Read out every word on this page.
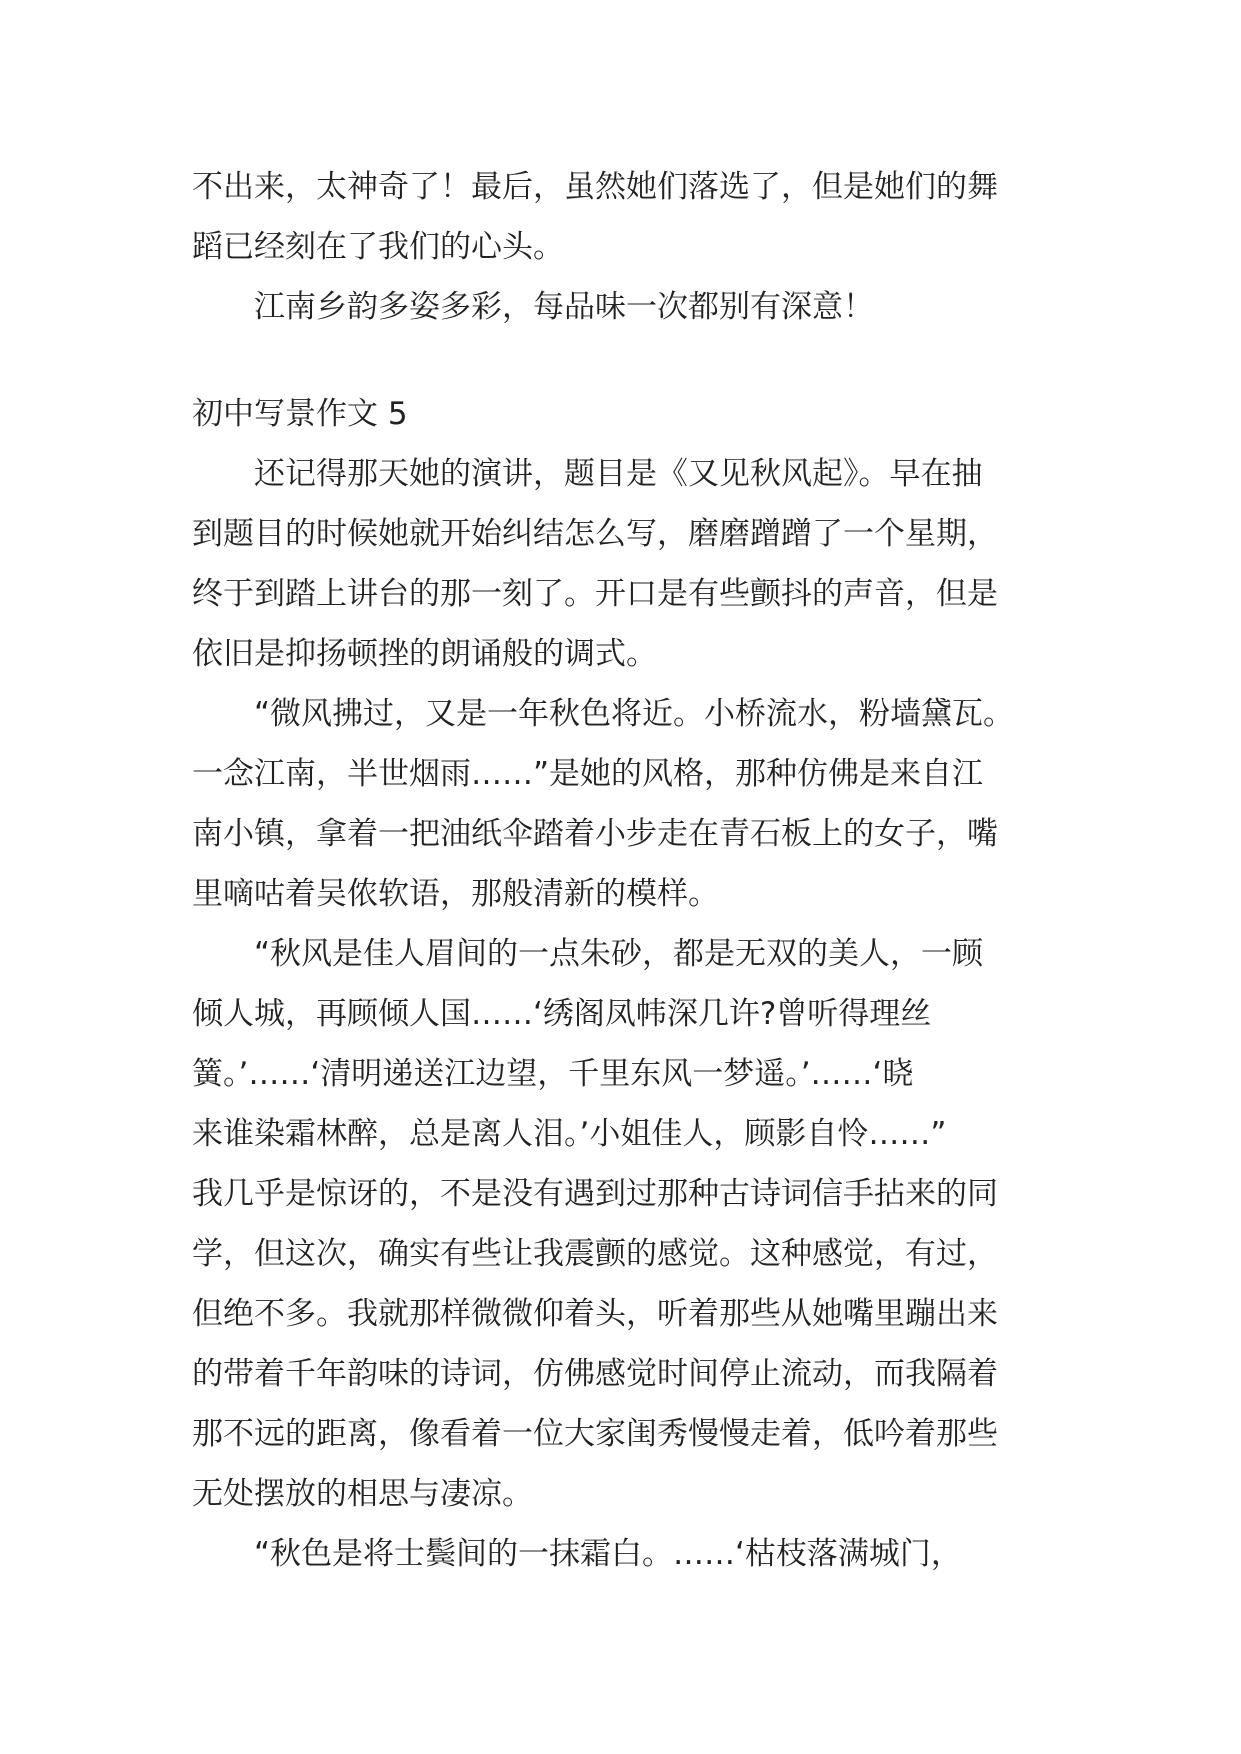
不出来，太神奇了！最后，虽然她们落选了，但是她们的舞
蹈已经刻在了我们的心头。
　　江南乡韵多姿多彩，每品味一次都别有深意！
初中写景作文 5
　　还记得那天她的演讲，题目是《又见秋风起》。早在抽
到题目的时候她就开始纠结怎么写，磨磨蹭蹭了一个星期，
终于到踏上讲台的那一刻了。开口是有些颤抖的声音，但是
依旧是抑扬顿挫的朗诵般的调式。
　　“微风拂过，又是一年秋色将近。小桥流水，粉墙黛瓦。
一念江南，半世烟雨……”是她的风格，那种仿佛是来自江
南小镇，拿着一把油纸伞踏着小步走在青石板上的女子，嘴
里嘀咕着吴侬软语，那般清新的模样。
　　“秋风是佳人眉间的一点朱砂，都是无双的美人，一顾
倾人城，再顾倾人国……‘绣阁凤帏深几许?曾听得理丝
簧。’……‘清明递送江边望，千里东风一梦遥。’……‘晓
来谁染霜林醉，总是离人泪。’小姐佳人，顾影自怜……”
我几乎是惊讶的，不是没有遇到过那种古诗词信手拈来的同
学，但这次，确实有些让我震颤的感觉。这种感觉，有过，
但绝不多。我就那样微微仰着头，听着那些从她嘴里蹦出来
的带着千年韵味的诗词，仿佛感觉时间停止流动，而我隔着
那不远的距离，像看着一位大家闺秀慢慢走着，低吟着那些
无处摆放的相思与凄凉。
　　“秋色是将士鬓间的一抹霜白。……‘枯枝落满城门，
